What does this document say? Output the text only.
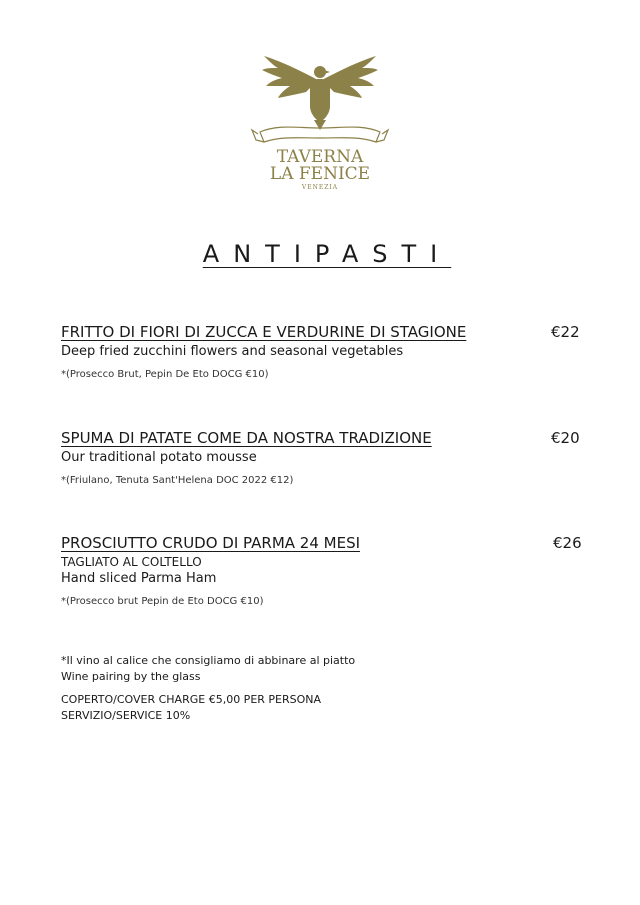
TAVERNA
LA FENICE
VENEZIA
ANTIPASTI
FRITTO DI FIORI DI ZUCCA E VERDURINE DI STAGIONE	€22
Deep fried zucchini flowers and seasonal vegetables
*(Prosecco Brut, Pepin De Eto DOCG €10)
SPUMA DI PATATE COME DA NOSTRA TRADIZIONE	€20
Our traditional potato mousse
*(Friulano, Tenuta Sant'Helena DOC 2022 €12)
PROSCIUTTO CRUDO DI PARMA 24 MESI	€26
TAGLIATO AL COLTELLO
Hand sliced Parma Ham
*(Prosecco brut Pepin de Eto DOCG €10)
*Il vino al calice che consigliamo di abbinare al piatto
Wine pairing by the glass
COPERTO/COVER CHARGE €5,00 PER PERSONA
SERVIZIO/SERVICE 10%
